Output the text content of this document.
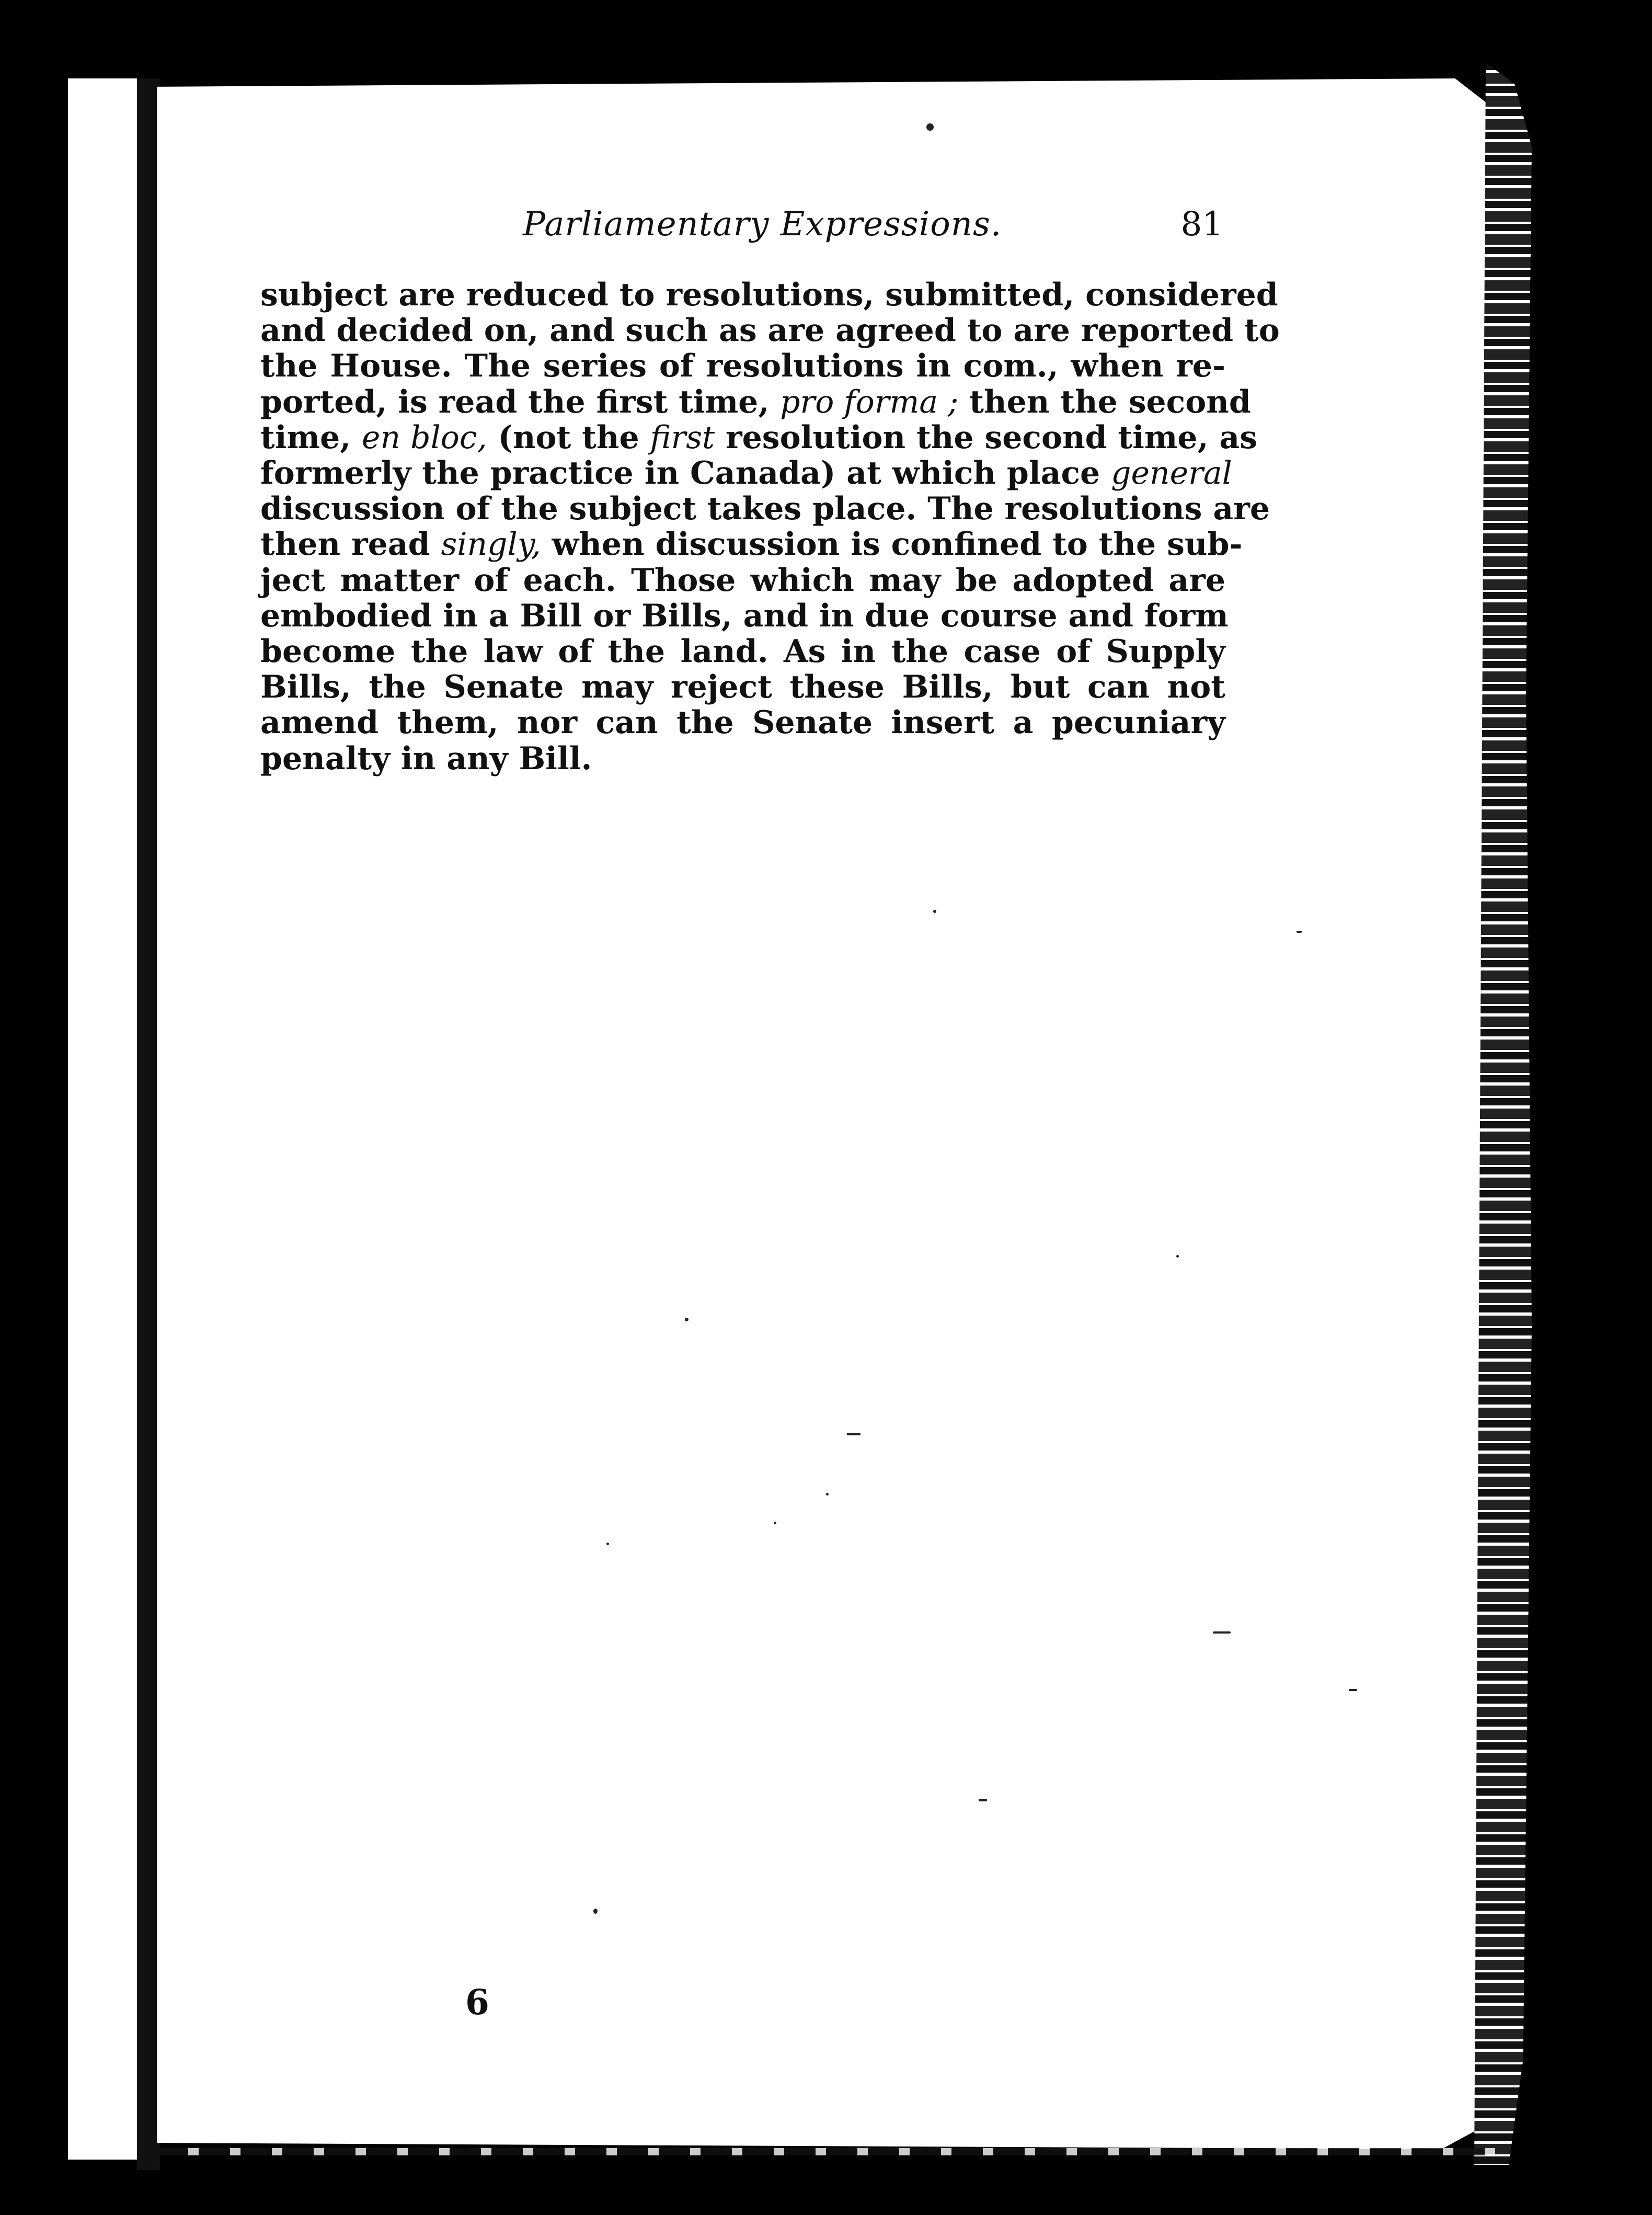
Parliamentary Expressions.	81
subject are reduced to resolutions, submitted, considered
and decided on, and such as are agreed to are reported to
the House. The series of resolutions in com., when re-
ported, is read the first time, pro forma ; then the second
time, en bloc, (not the first resolution the second time, as
formerly the practice in Canada) at which place general
discussion of the subject takes place. The resolutions are
then read singly, when discussion is confined to the sub-
ject matter of each. Those which may be adopted are
embodied in a Bill or Bills, and in due course and form
become the law of the land. As in the case of Supply
Bills, the Senate may reject these Bills, but can not
amend them, nor can the Senate insert a pecuniary
penalty in any Bill.
6
